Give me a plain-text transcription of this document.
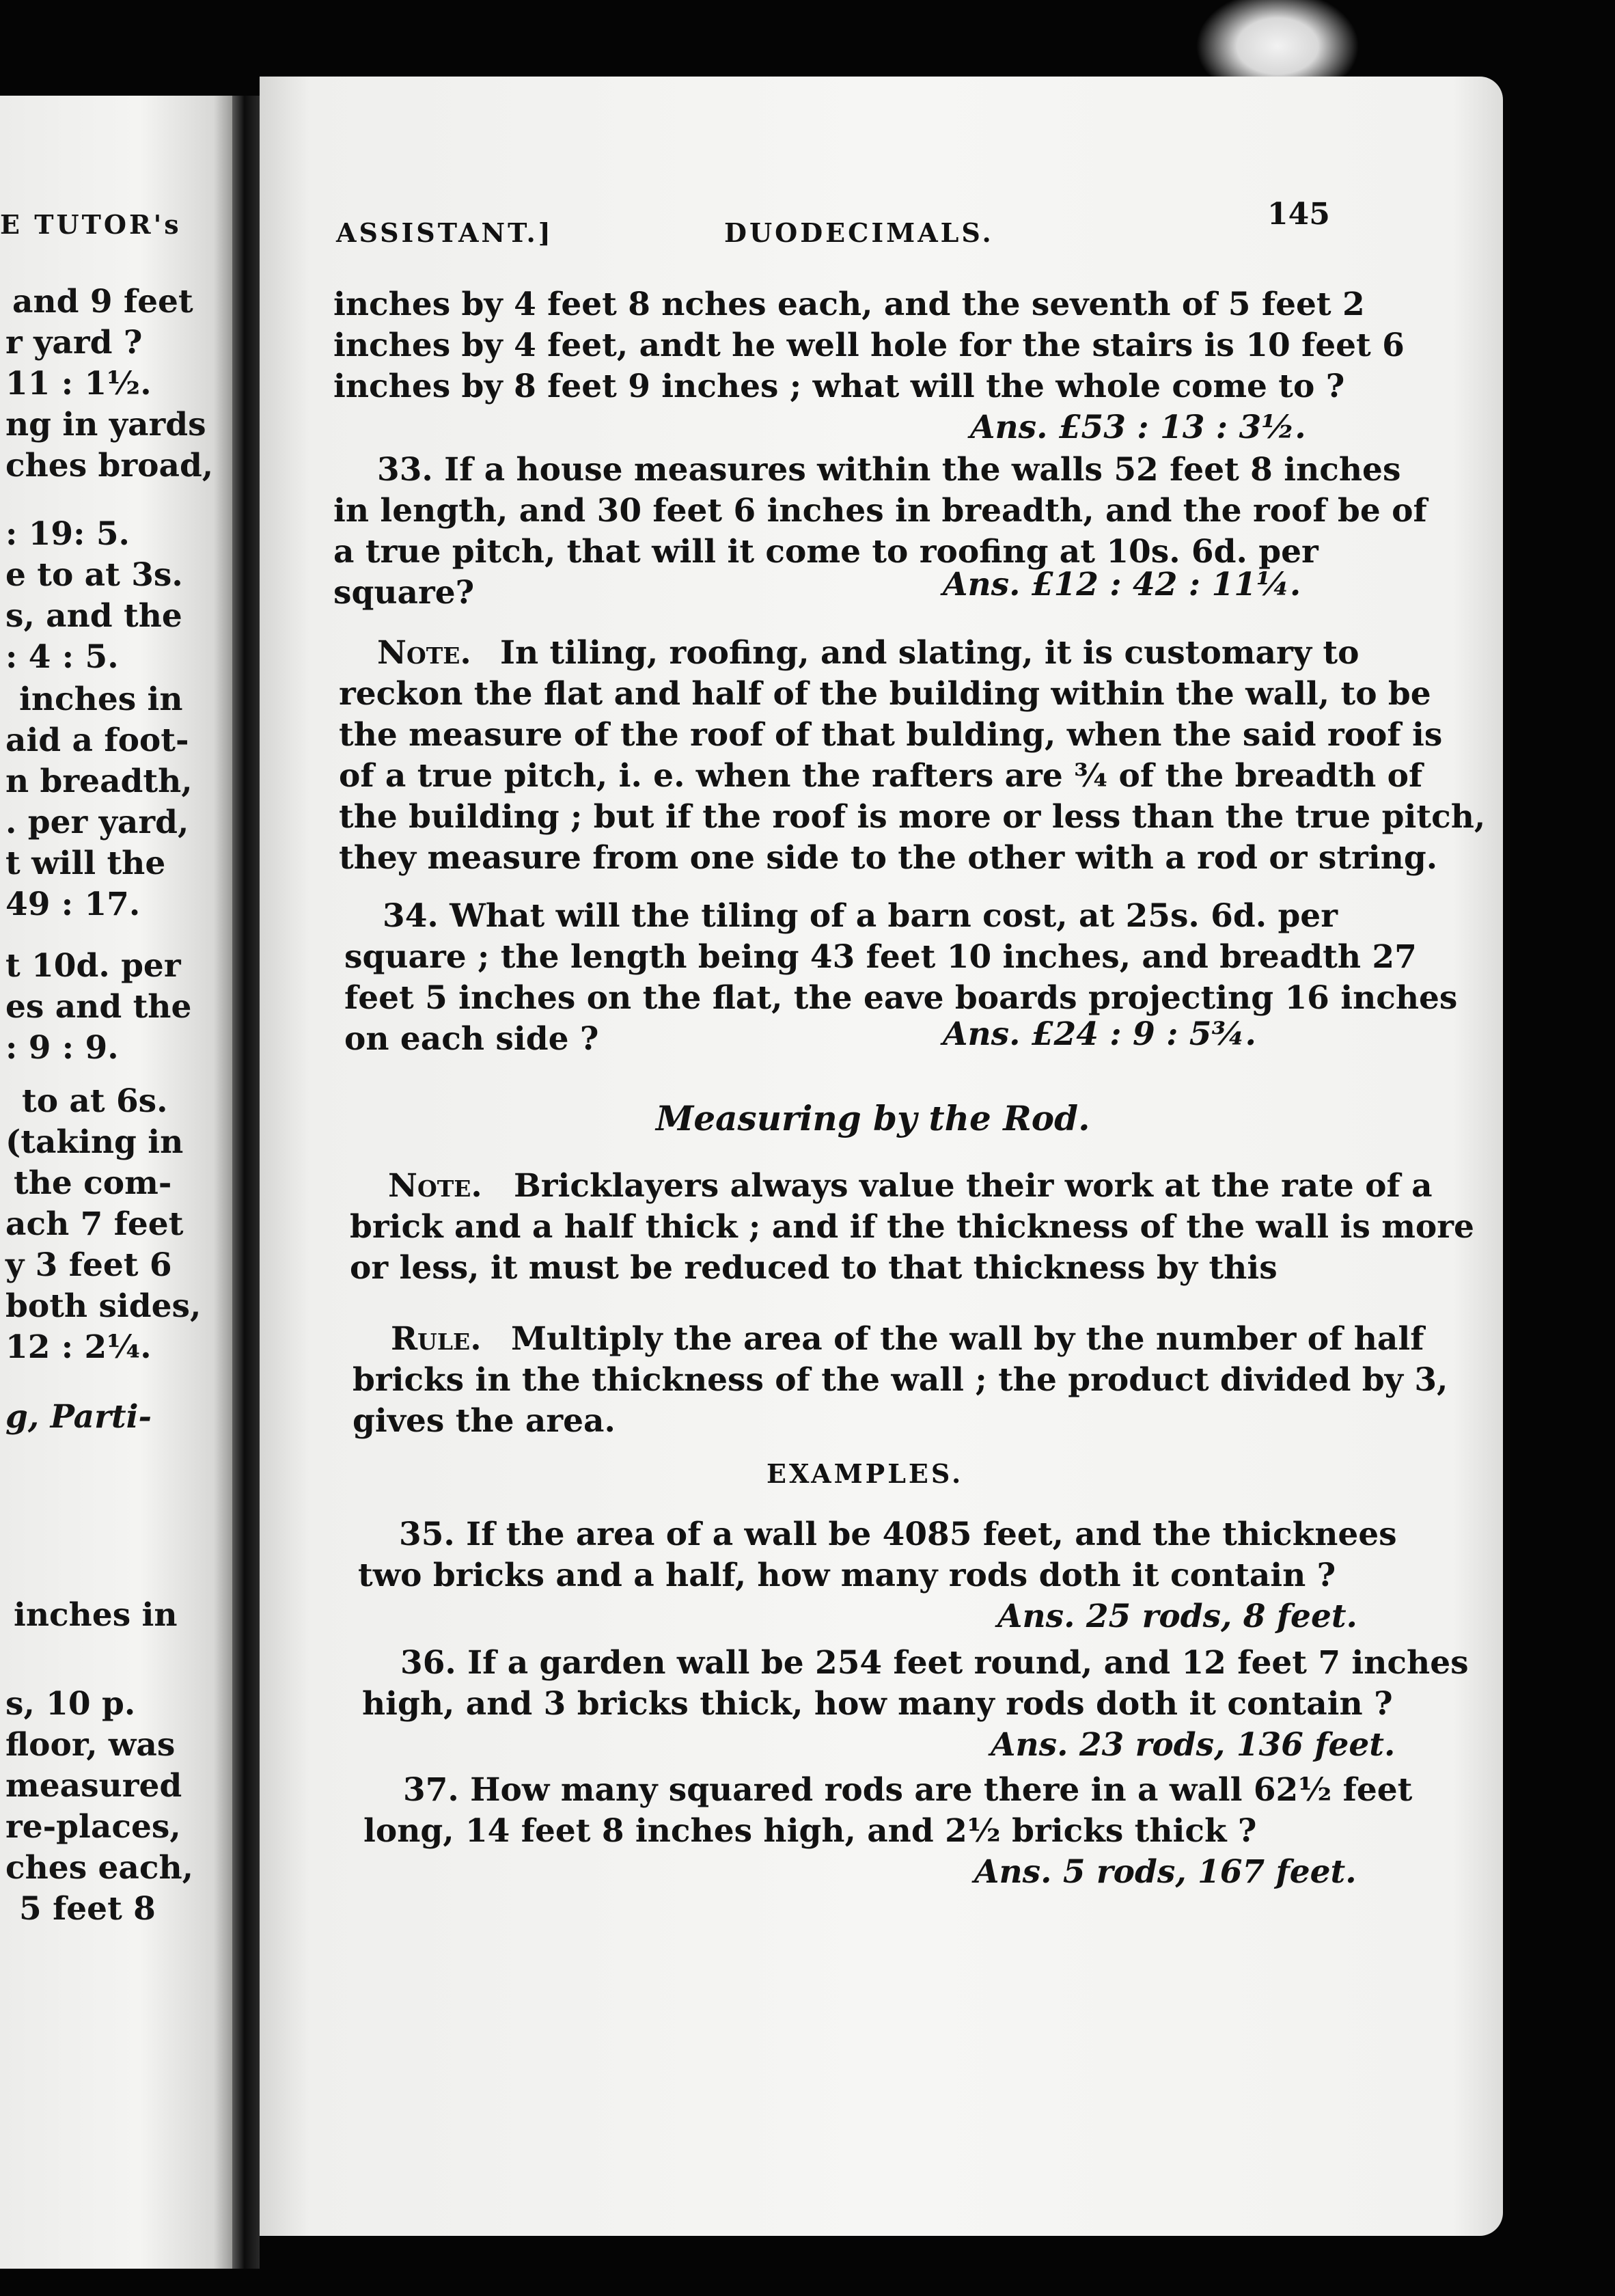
E TUTOR's
and 9 feet
r yard ?
11 : 1½.
ng in yards
ches broad,
: 19: 5.
e to at 3s.
s, and the
: 4 : 5.
inches in
aid a foot-
n breadth,
. per yard,
t will the
49 : 17.
t 10d. per
es and the
: 9 : 9.
to at 6s.
(taking in
the com-
ach 7 feet
y 3 feet 6
both sides,
12 : 2¼.
g, Parti-
inches in
s, 10 p.
floor, was
measured
re-places,
ches each,
5 feet 8
ASSISTANT.]	DUODECIMALS.
145
inches by 4 feet 8 nches each, and the seventh of 5 feet 2
inches by 4 feet, andt he well hole for the stairs is 10 feet 6
inches by 8 feet 9 inches ; what will the whole come to ?
Ans. £53 : 13 : 3½.
33. If a house measures within the walls 52 feet 8 inches
in length, and 30 feet 6 inches in breadth, and the roof be of
a true pitch, that will it come to roofing at 10s. 6d. per
square?	Ans. £12 : 42 : 11¼.
Note. In tiling, roofing, and slating, it is customary to
reckon the flat and half of the building within the wall, to be
the measure of the roof of that bulding, when the said roof is
of a true pitch, i. e. when the rafters are ¾ of the breadth of
the building ; but if the roof is more or less than the true pitch,
they measure from one side to the other with a rod or string.
34. What will the tiling of a barn cost, at 25s. 6d. per
square ; the length being 43 feet 10 inches, and breadth 27
feet 5 inches on the flat, the eave boards projecting 16 inches
on each side ?	Ans. £24 : 9 : 5¾.
Measuring by the Rod.
Note. Bricklayers always value their work at the rate of a
brick and a half thick ; and if the thickness of the wall is more
or less, it must be reduced to that thickness by this
Rule. Multiply the area of the wall by the number of half
bricks in the thickness of the wall ; the product divided by 3,
gives the area.
EXAMPLES.
35. If the area of a wall be 4085 feet, and the thicknees
two bricks and a half, how many rods doth it contain ?
Ans. 25 rods, 8 feet.
36. If a garden wall be 254 feet round, and 12 feet 7 inches
high, and 3 bricks thick, how many rods doth it contain ?
Ans. 23 rods, 136 feet.
37. How many squared rods are there in a wall 62½ feet
long, 14 feet 8 inches high, and 2½ bricks thick ?
Ans. 5 rods, 167 feet.
